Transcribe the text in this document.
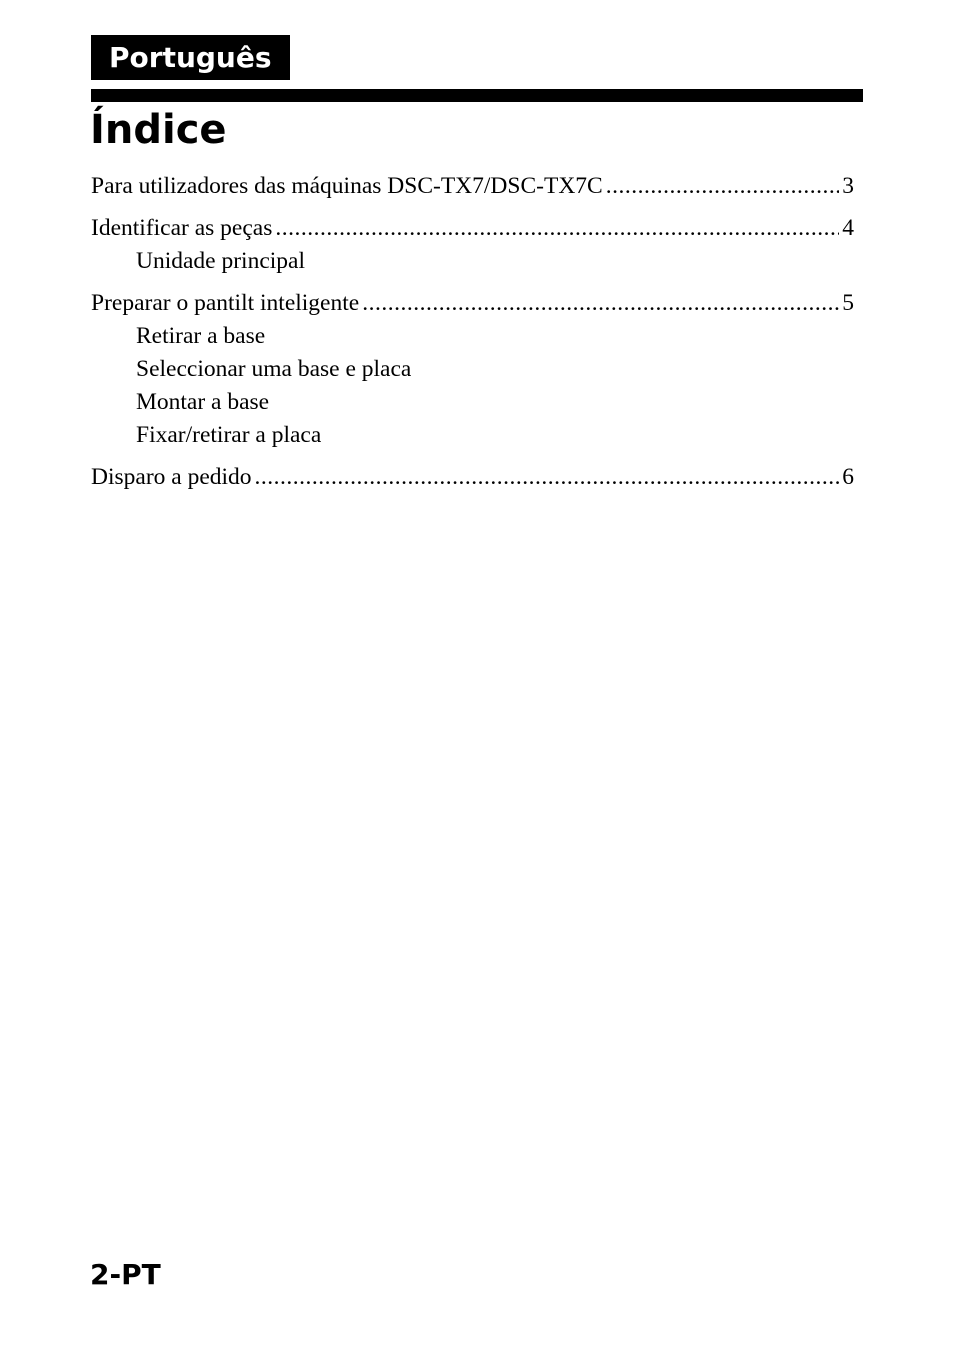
Português
Índice
Para utilizadores das máquinas DSC-TX7/DSC-TX7C .....	3
Identificar as peças .....	4
Unidade principal
Preparar o pantilt inteligente .....	5
Retirar a base
Seleccionar uma base e placa
Montar a base
Fixar/retirar a placa
Disparo a pedido .....	6
2-PT
